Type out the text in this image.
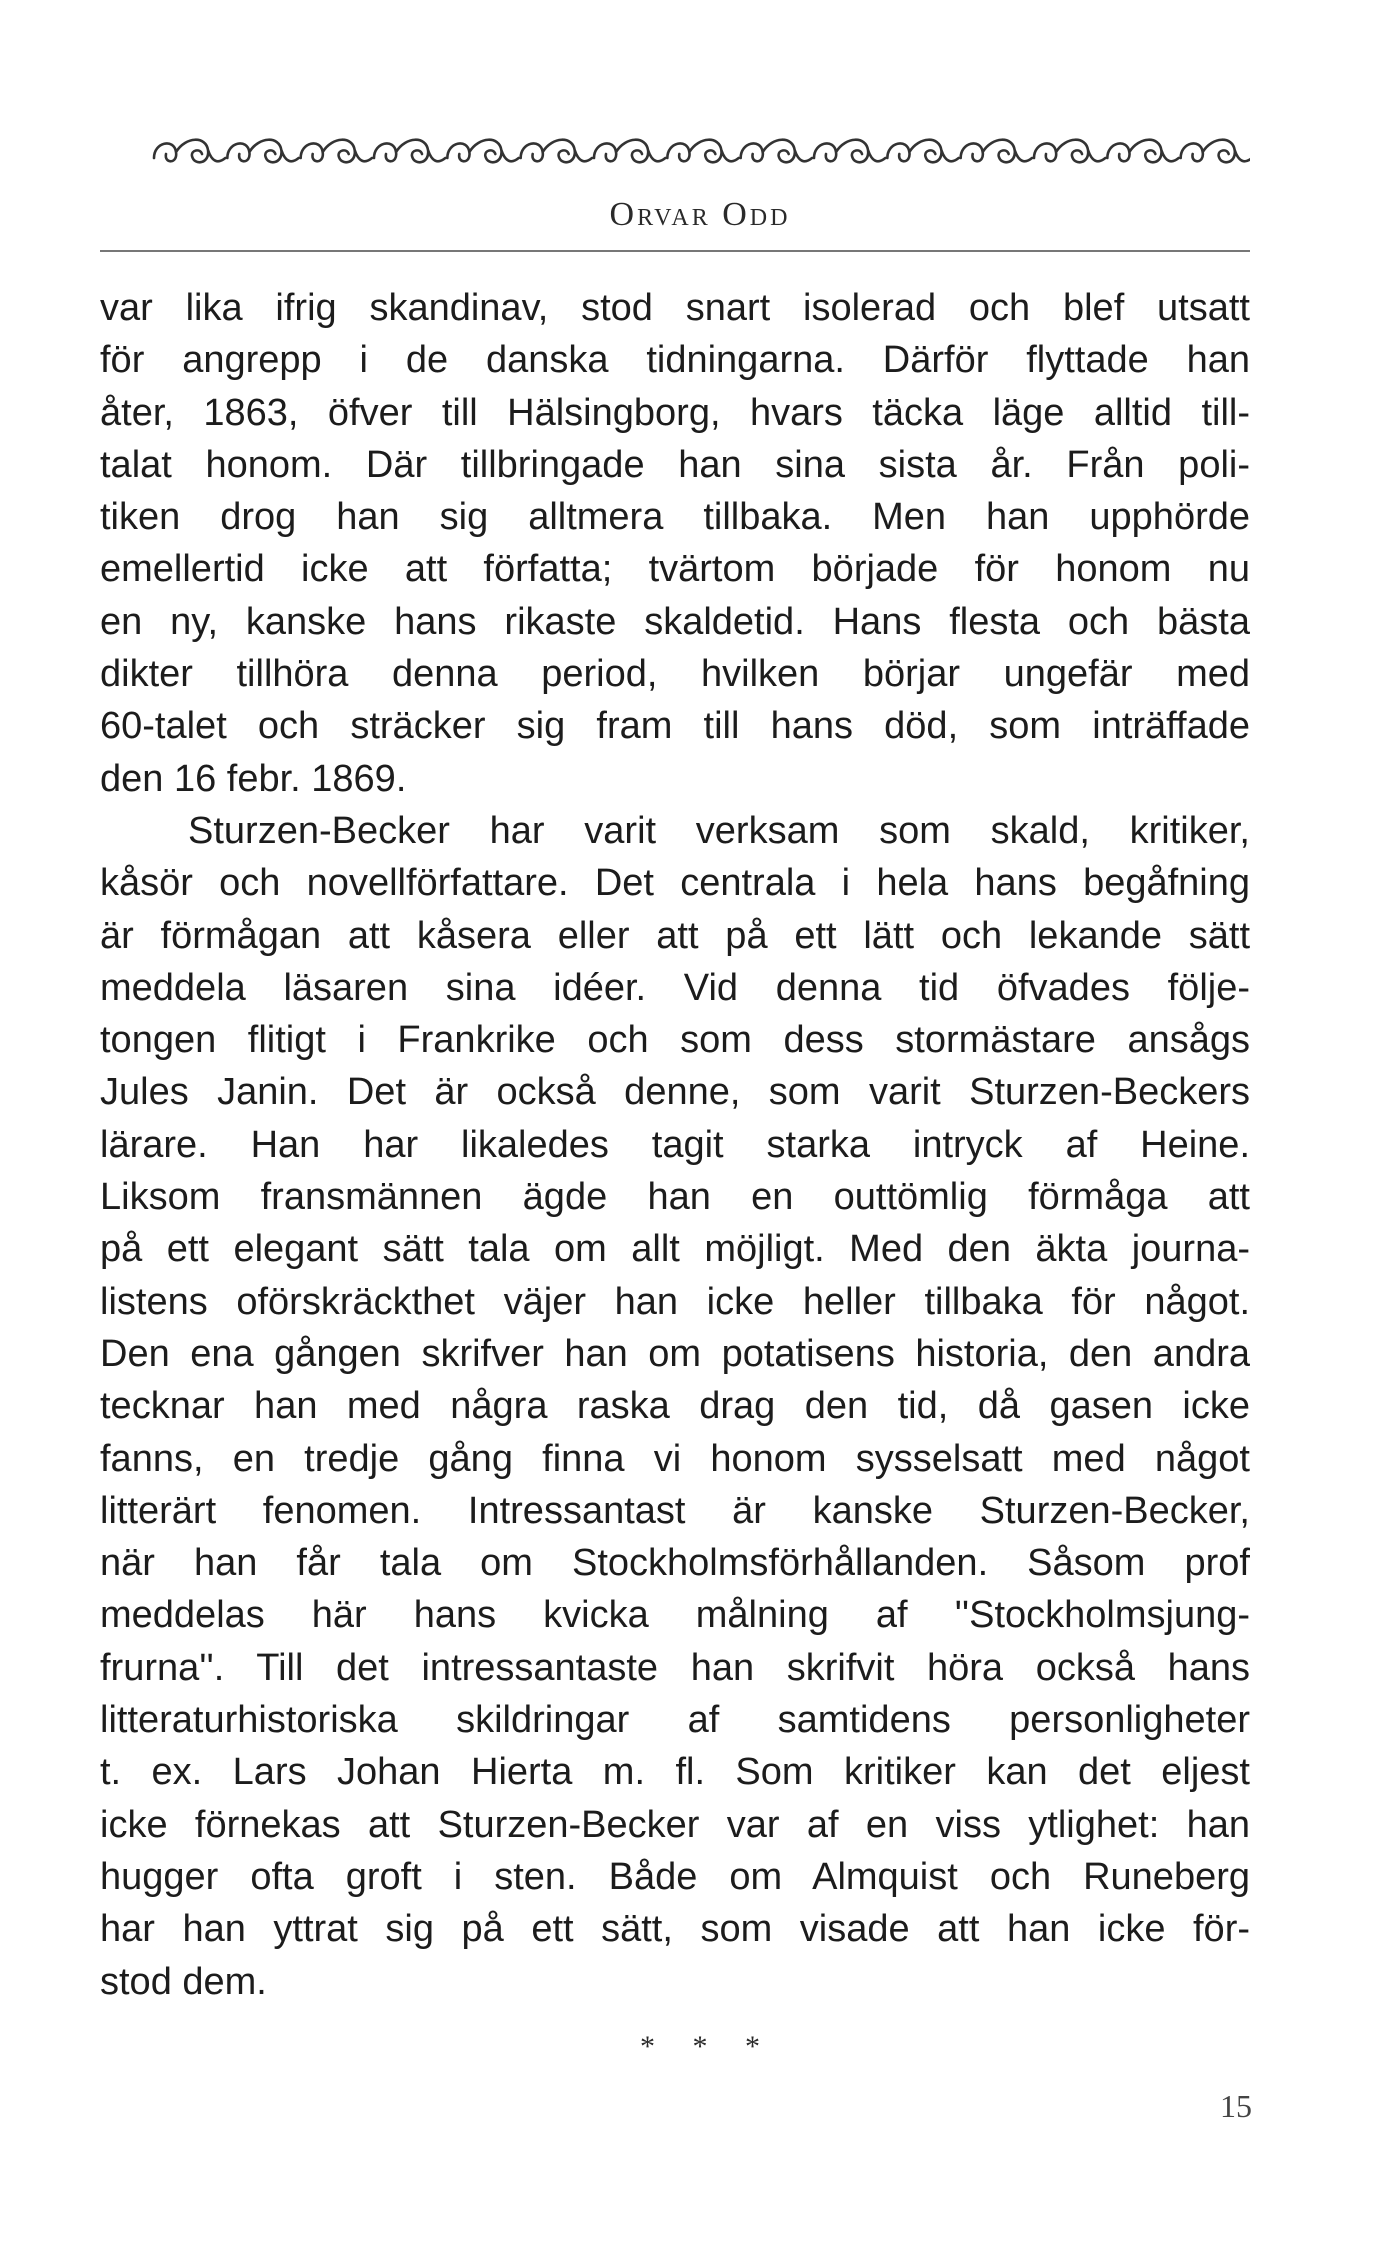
Orvar Odd
var lika ifrig skandinav, stod snart isolerad och blef utsatt
för angrepp i de danska tidningarna. Därför flyttade han
åter, 1863, öfver till Hälsingborg, hvars täcka läge alltid till-
talat honom. Där tillbringade han sina sista år. Från poli-
tiken drog han sig alltmera tillbaka. Men han upphörde
emellertid icke att författa; tvärtom började för honom nu
en ny, kanske hans rikaste skaldetid. Hans flesta och bästa
dikter tillhöra denna period, hvilken börjar ungefär med
60-talet och sträcker sig fram till hans död, som inträffade
den 16 febr. 1869.
Sturzen-Becker har varit verksam som skald, kritiker,
kåsör och novellförfattare. Det centrala i hela hans begåfning
är förmågan att kåsera eller att på ett lätt och lekande sätt
meddela läsaren sina idéer. Vid denna tid öfvades följe-
tongen flitigt i Frankrike och som dess stormästare ansågs
Jules Janin. Det är också denne, som varit Sturzen-Beckers
lärare. Han har likaledes tagit starka intryck af Heine.
Liksom fransmännen ägde han en outtömlig förmåga att
på ett elegant sätt tala om allt möjligt. Med den äkta journa-
listens oförskräckthet väjer han icke heller tillbaka för något.
Den ena gången skrifver han om potatisens historia, den andra
tecknar han med några raska drag den tid, då gasen icke
fanns, en tredje gång finna vi honom sysselsatt med något
litterärt fenomen. Intressantast är kanske Sturzen-Becker,
när han får tala om Stockholmsförhållanden. Såsom prof
meddelas här hans kvicka målning af ''Stockholmsjung-
frurna''. Till det intressantaste han skrifvit höra också hans
litteraturhistoriska skildringar af samtidens personligheter
t. ex. Lars Johan Hierta m. fl. Som kritiker kan det eljest
icke förnekas att Sturzen-Becker var af en viss ytlighet: han
hugger ofta groft i sten. Både om Almquist och Runeberg
har han yttrat sig på ett sätt, som visade att han icke för-
stod dem.
* * *
15
